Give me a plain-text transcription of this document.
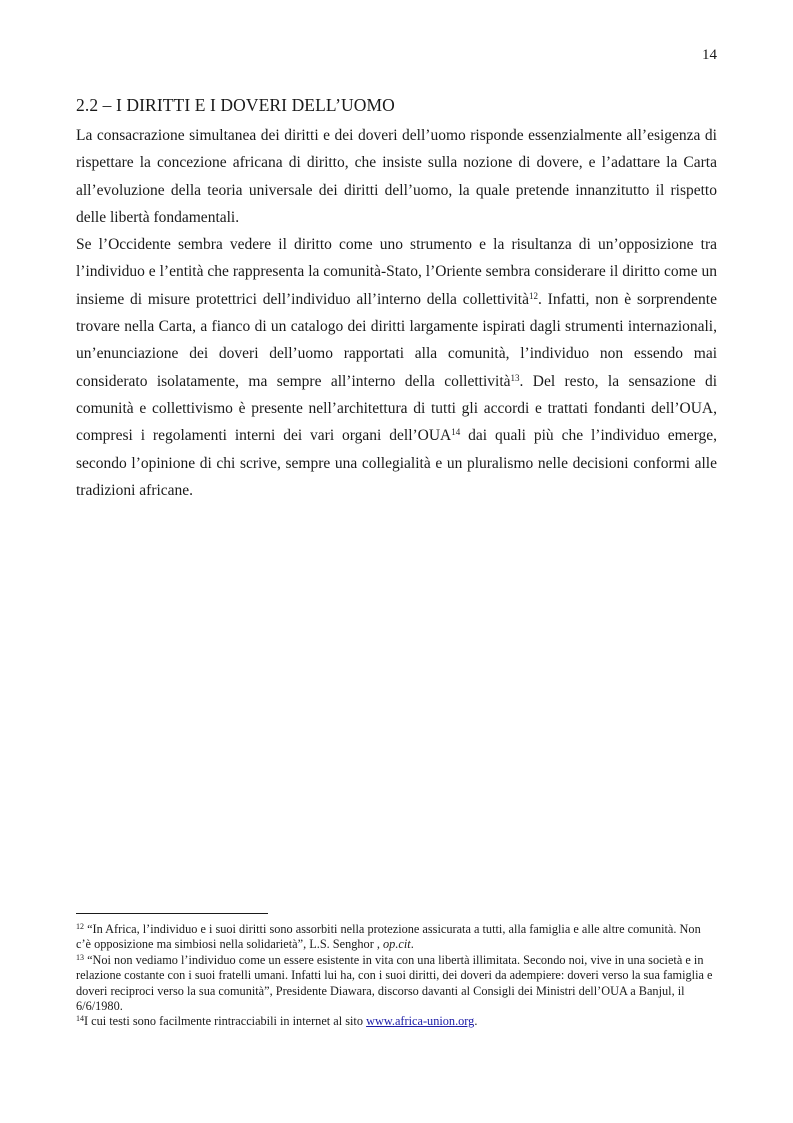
14
2.2 – I DIRITTI E I DOVERI DELL’UOMO

La consacrazione simultanea dei diritti e dei doveri dell’uomo risponde essenzialmente all’esigenza di rispettare la concezione africana di diritto, che insiste sulla nozione di dovere, e l’adattare la Carta all’evoluzione della teoria universale dei diritti dell’uomo, la quale pretende innanzitutto il rispetto delle libertà fondamentali.

Se l’Occidente sembra vedere il diritto come uno strumento e la risultanza di un’opposizione tra l’individuo e l’entità che rappresenta la comunità-Stato, l’Oriente sembra considerare il diritto come un insieme di misure protettrici dell’individuo all’interno della collettività$^{12}$. Infatti, non è sorprendente trovare nella Carta, a fianco di un catalogo dei diritti largamente ispirati dagli strumenti internazionali, un’enunciazione dei doveri dell’uomo rapportati alla comunità, l’individuo non essendo mai considerato isolatamente, ma sempre all’interno della collettività$^{13}$. Del resto, la sensazione di comunità e collettivismo è presente nell’architettura di tutti gli accordi e trattati fondanti dell’OUA, compresi i regolamenti interni dei vari organi dell’OUA$^{14}$ dai quali più che l’individuo emerge, secondo l’opinione di chi scrive, sempre una collegialità e un pluralismo nelle decisioni conformi alle tradizioni africane.

$^{12}$ “In Africa, l’individuo e i suoi diritti sono assorbiti nella protezione assicurata a tutti, alla famiglia e alle altre comunità. Non c’è opposizione ma simbiosi nella solidarietà”, L.S. Senghor , op.cit.

$^{13}$ “Noi non vediamo l’individuo come un essere esistente in vita con una libertà illimitata. Secondo noi, vive in una società e in relazione costante con i suoi fratelli umani. Infatti lui ha, con i suoi diritti, dei doveri da adempiere: doveri verso la sua famiglia e doveri reciproci verso la sua comunità”, Presidente Diawara, discorso davanti al Consigli dei Ministri dell’OUA a Banjul, il 6/6/1980.

$^{14}$I cui testi sono facilmente rintracciabili in internet al sito www.africa-union.org.
